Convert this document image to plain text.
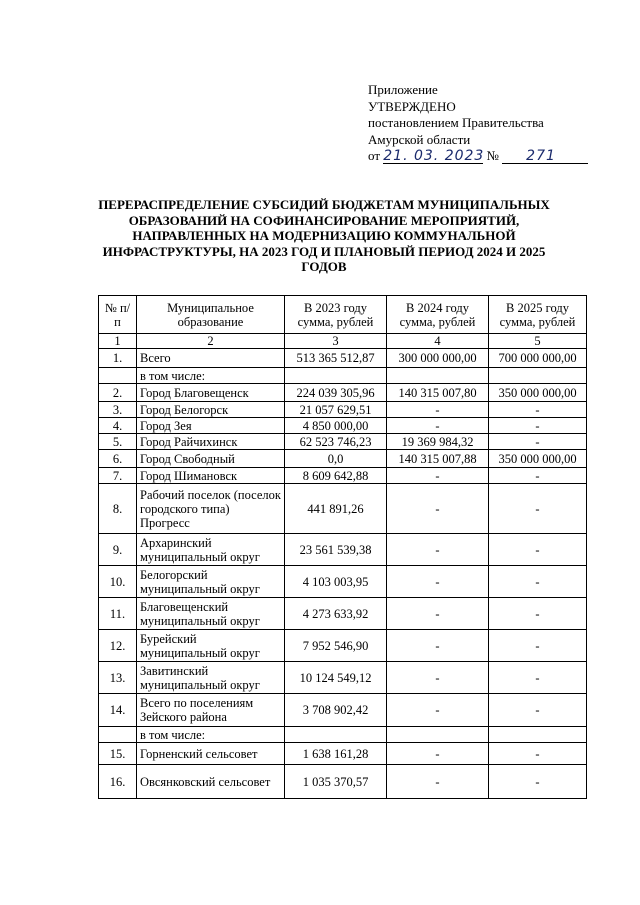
Приложение
УТВЕРЖДЕНО
постановлением Правительства
Амурской области
от 21. 03. 2023 № 271
ПЕРЕРАСПРЕДЕЛЕНИЕ СУБСИДИЙ БЮДЖЕТАМ МУНИЦИПАЛЬНЫХ ОБРАЗОВАНИЙ НА СОФИНАНСИРОВАНИЕ МЕРОПРИЯТИЙ, НАПРАВЛЕННЫХ НА МОДЕРНИЗАЦИЮ КОММУНАЛЬНОЙ ИНФРАСТРУКТУРЫ, НА 2023 ГОД И ПЛАНОВЫЙ ПЕРИОД 2024 И 2025 ГОДОВ
№ п/п	Муниципальное образование	В 2023 году сумма, рублей	В 2024 году сумма, рублей	В 2025 году сумма, рублей
1	2	3	4	5
1.	Всего	513 365 512,87	300 000 000,00	700 000 000,00
	в том числе:			
2.	Город Благовещенск	224 039 305,96	140 315 007,80	350 000 000,00
3.	Город Белогорск	21 057 629,51	-	-
4.	Город Зея	4 850 000,00	-	-
5.	Город Райчихинск	62 523 746,23	19 369 984,32	-
6.	Город Свободный	0,0	140 315 007,88	350 000 000,00
7.	Город Шимановск	8 609 642,88	-	-
8.	Рабочий поселок (поселок городского типа) Прогресс	441 891,26	-	-
9.	Архаринский муниципальный округ	23 561 539,38	-	-
10.	Белогорский муниципальный округ	4 103 003,95	-	-
11.	Благовещенский муниципальный округ	4 273 633,92	-	-
12.	Бурейский муниципальный округ	7 952 546,90	-	-
13.	Завитинский муниципальный округ	10 124 549,12	-	-
14.	Всего по поселениям Зейского района	3 708 902,42	-	-
	в том числе:			
15.	Горненский сельсовет	1 638 161,28	-	-
16.	Овсянковский сельсовет	1 035 370,57	-	-
